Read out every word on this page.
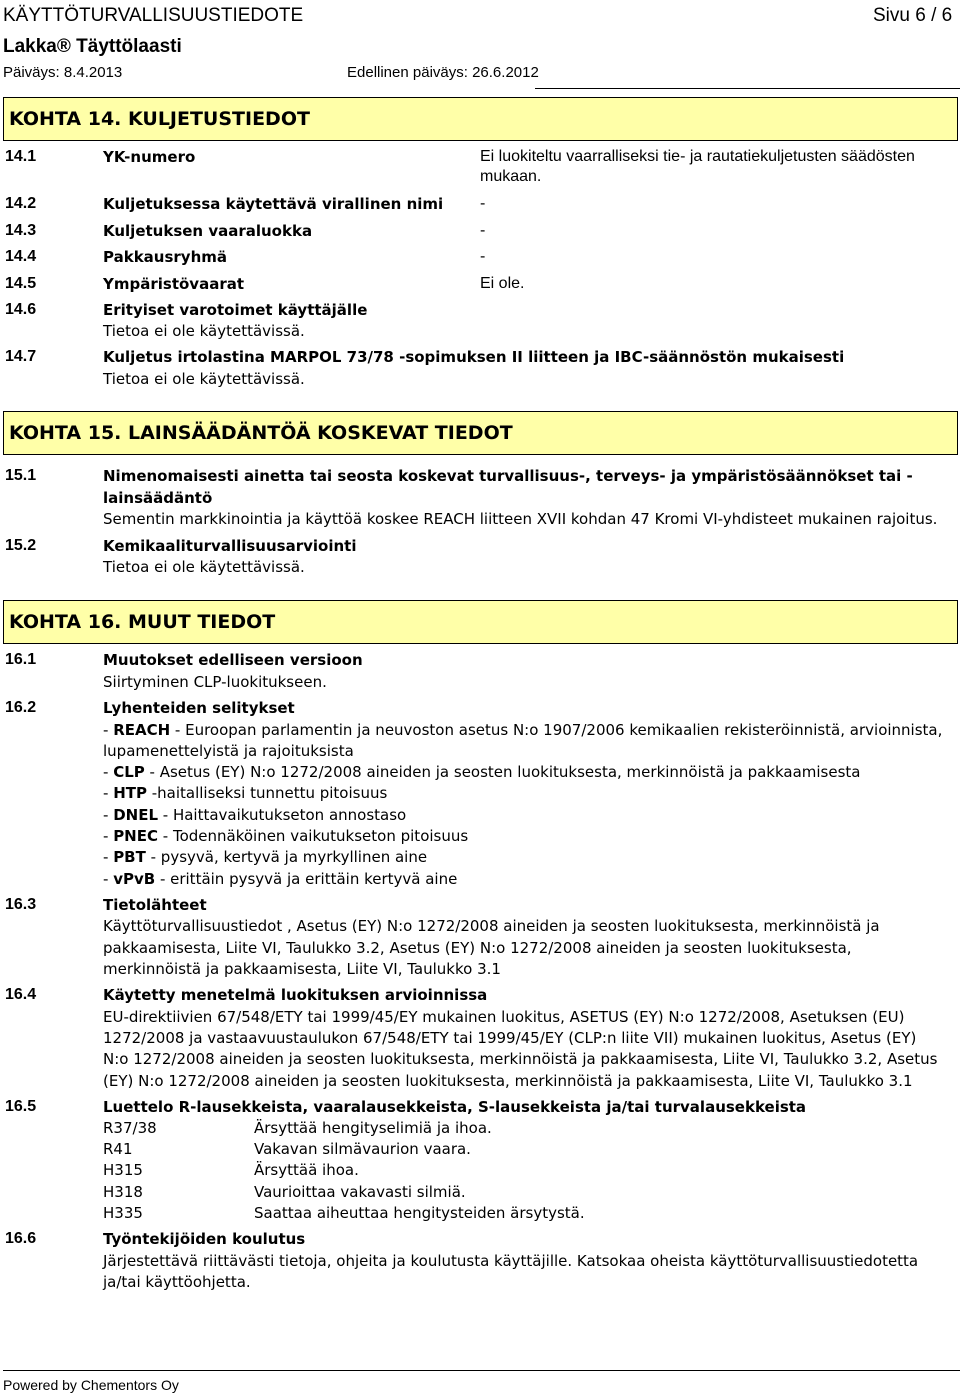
KÄYTTÖTURVALLISUUSTIEDOTE	Sivu 6 / 6
Lakka® Täyttölaasti
Päiväys: 8.4.2013	Edellinen päiväys: 26.6.2012
KOHTA 14. KULJETUSTIEDOT
14.1	YK-numero	Ei luokiteltu vaarralliseksi tie- ja rautatiekuljetusten säädösten
mukaan.
14.2	Kuljetuksessa käytettävä virallinen nimi -
14.3	Kuljetuksen vaaraluokka	-
14.4	Pakkausryhmä	-
14.5	Ympäristövaarat	Ei ole.
14.6	Erityiset varotoimet käyttäjälle
Tietoa ei ole käytettävissä.
14.7	Kuljetus irtolastina MARPOL 73/78 -sopimuksen II liitteen ja IBC-säännöstön mukaisesti
Tietoa ei ole käytettävissä.
KOHTA 15. LAINSÄÄDÄNTÖÄ KOSKEVAT TIEDOT
15.1	Nimenomaisesti ainetta tai seosta koskevat turvallisuus-, terveys- ja ympäristösäännökset tai -
lainsäädäntö
Sementin markkinointia ja käyttöä koskee REACH liitteen XVII kohdan 47 Kromi VI-yhdisteet mukainen rajoitus.
15.2	Kemikaaliturvallisuusarviointi
Tietoa ei ole käytettävissä.
KOHTA 16. MUUT TIEDOT
16.1	Muutokset edelliseen versioon
Siirtyminen CLP-luokitukseen.
16.2	Lyhenteiden selitykset
- REACH - Euroopan parlamentin ja neuvoston asetus N:o 1907/2006 kemikaalien rekisteröinnistä, arvioinnista,
lupamenettelyistä ja rajoituksista
- CLP - Asetus (EY) N:o 1272/2008 aineiden ja seosten luokituksesta, merkinnöistä ja pakkaamisesta
- HTP -haitalliseksi tunnettu pitoisuus
- DNEL - Haittavaikutukseton annostaso
- PNEC - Todennäköinen vaikutukseton pitoisuus
- PBT - pysyvä, kertyvä ja myrkyllinen aine
- vPvB - erittäin pysyvä ja erittäin kertyvä aine
16.3	Tietolähteet
Käyttöturvallisuustiedot , Asetus (EY) N:o 1272/2008 aineiden ja seosten luokituksesta, merkinnöistä ja
pakkaamisesta, Liite VI, Taulukko 3.2, Asetus (EY) N:o 1272/2008 aineiden ja seosten luokituksesta,
merkinnöistä ja pakkaamisesta, Liite VI, Taulukko 3.1
16.4	Käytetty menetelmä luokituksen arvioinnissa
EU-direktiivien 67/548/ETY tai 1999/45/EY mukainen luokitus, ASETUS (EY) N:o 1272/2008, Asetuksen (EU)
1272/2008 ja vastaavuustaulukon 67/548/ETY tai 1999/45/EY (CLP:n liite VII) mukainen luokitus, Asetus (EY)
N:o 1272/2008 aineiden ja seosten luokituksesta, merkinnöistä ja pakkaamisesta, Liite VI, Taulukko 3.2, Asetus
(EY) N:o 1272/2008 aineiden ja seosten luokituksesta, merkinnöistä ja pakkaamisesta, Liite VI, Taulukko 3.1
16.5	Luettelo R-lausekkeista, vaaralausekkeista, S-lausekkeista ja/tai turvalausekkeista
R37/38	Ärsyttää hengityselimiä ja ihoa.
R41	Vakavan silmävaurion vaara.
H315	Ärsyttää ihoa.
H318	Vaurioittaa vakavasti silmiä.
H335	Saattaa aiheuttaa hengitysteiden ärsytystä.
16.6	Työntekijöiden koulutus
Järjestettävä riittävästi tietoja, ohjeita ja koulutusta käyttäjille. Katsokaa oheista käyttöturvallisuustiedotetta
ja/tai käyttöohjetta.
Powered by Chementors Oy
